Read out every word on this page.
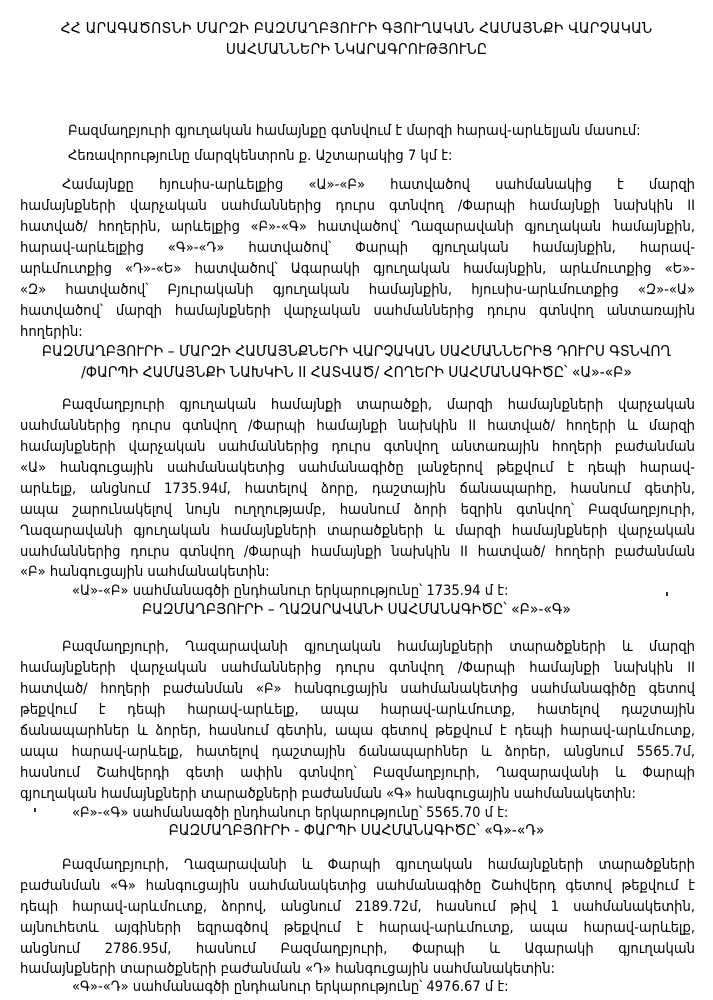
ՀՀ ԱՐԱԳԱԾՈՏՆԻ ՄԱՐԶԻ ԲԱԶՄԱՂԲՅՈՒՐԻ ԳՅՈՒՂԱԿԱՆ ՀԱՄԱՅՆՔԻ ՎԱՐՉԱԿԱՆ
ՍԱՀՄԱՆՆԵՐԻ ՆԿԱՐԱԳՐՈՒԹՅՈՒՆԸ
Բազմաղբյուրի գյուղական համայնքը գտնվում է մարզի հարավ-արևելյան մասում:
Հեռավորությունը մարզկենտրոն ք. Աշտարակից 7 կմ է:
Համայնքը հյուսիս-արևելքից «Ա»-«Բ» հատվածով սահմանակից է մարզի
համայնքների վարչական սահմաններից դուրս գտնվող /Փարպի համայնքի նախկին II
հատված/ հողերին, արևելքից «Բ»-«Գ» հատվածով՝ Ղազարավանի գյուղական համայնքին,
հարավ-արևելքից «Գ»-«Դ» հատվածով՝ Փարպի գյուղական համայնքին, հարավ-
արևմուտքից «Դ»-«Ե» հատվածով՝ Ագարակի գյուղական համայնքին, արևմուտքից «Ե»-
«Զ» հատվածով՝ Բյուրականի գյուղական համայնքին, հյուսիս-արևմուտքից «Զ»-«Ա»
հատվածով՝ մարզի համայնքների վարչական սահմաններից դուրս գտնվող անտառային
հողերին:
ԲԱԶՄԱՂԲՅՈՒՐԻ – ՄԱՐԶԻ ՀԱՄԱՅՆՔՆԵՐԻ ՎԱՐՉԱԿԱՆ ՍԱՀՄԱՆՆԵՐԻՑ ԴՈՒՐՍ ԳՏՆՎՈՂ
/ՓԱՐՊԻ ՀԱՄԱՅՆՔԻ ՆԱԽԿԻՆ II ՀԱՏՎԱԾ/ ՀՈՂԵՐԻ ՍԱՀՄԱՆԱԳԻԾԸ՝ «Ա»-«Բ»
Բազմաղբյուրի գյուղական համայնքի տարածքի, մարզի համայնքների վարչական
սահմաններից դուրս գտնվող /Փարպի համայնքի նախկին II հատված/ հողերի և մարզի
համայնքների վարչական սահմաններից դուրս գտնվող անտառային հողերի բաժանման
«Ա» հանգուցային սահմանակետից սահմանագիծը լանջերով թեքվում է դեպի հարավ-
արևելք, անցնում 1735.94մ, հատելով ձորը, դաշտային ճանապարհը, հասնում գետին,
ապա շարունակելով նույն ուղղությամբ, հասնում ձորի եզրին գտնվող՝ Բազմաղբյուրի,
Ղազարավանի գյուղական համայնքների տարածքների և մարզի համայնքների վարչական
սահմաններից դուրս գտնվող /Փարպի համայնքի նախկին II հատված/ հողերի բաժանման
«Բ» հանգուցային սահմանակետին:
«Ա»-«Բ» սահմանագծի ընդհանուր երկարությունը՝ 1735.94 մ է:
ԲԱԶՄԱՂԲՅՈՒՐԻ – ՂԱԶԱՐԱՎԱՆԻ ՍԱՀՄԱՆԱԳԻԾԸ՝ «Բ»-«Գ»
Բազմաղբյուրի, Ղազարավանի գյուղական համայնքների տարածքների և մարզի
համայնքների վարչական սահմաններից դուրս գտնվող /Փարպի համայնքի նախկին II
հատված/ հողերի բաժանման «Բ» հանգուցային սահմանակետից սահմանագիծը գետով
թեքվում է դեպի հարավ-արևելք, ապա հարավ-արևմուտք, հատելով դաշտային
ճանապարհներ և ձորեր, հասնում գետին, ապա գետով թեքվում է դեպի հարավ-արևմուտք,
ապա հարավ-արևելք, հատելով դաշտային ճանապարհներ և ձորեր, անցնում 5565.7մ,
հասնում Շահվերդի գետի ափին գտնվող՝ Բազմաղբյուրի, Ղազարավանի և Փարպի
գյուղական համայնքների տարածքների բաժանման «Գ» հանգուցային սահմանակետին:
«Բ»-«Գ» սահմանագծի ընդհանուր երկարությունը՝ 5565.70 մ է:
ԲԱԶՄԱՂԲՅՈՒՐԻ - ՓԱՐՊԻ ՍԱՀՄԱՆԱԳԻԾԸ՝ «Գ»-«Դ»
Բազմաղբյուրի, Ղազարավանի և Փարպի գյուղական համայնքների տարածքների
բաժանման «Գ» հանգուցային սահմանակետից սահմանագիծը Շահվերդ գետով թեքվում է
դեպի հարավ-արևմուտք, ձորով, անցնում 2189.72մ, հասնում թիվ 1 սահմանակետին,
այնուհետև այգիների եզրագծով թեքվում է հարավ-արևմուտք, ապա հարավ-արևելք,
անցնում 2786.95մ, հասնում Բազմաղբյուրի, Փարպի և Ագարակի գյուղական
համայնքների տարածքների բաժանման «Դ» հանգուցային սահմանակետին:
«Գ»-«Դ» սահմանագծի ընդհանուր երկարությունը՝ 4976.67 մ է:
